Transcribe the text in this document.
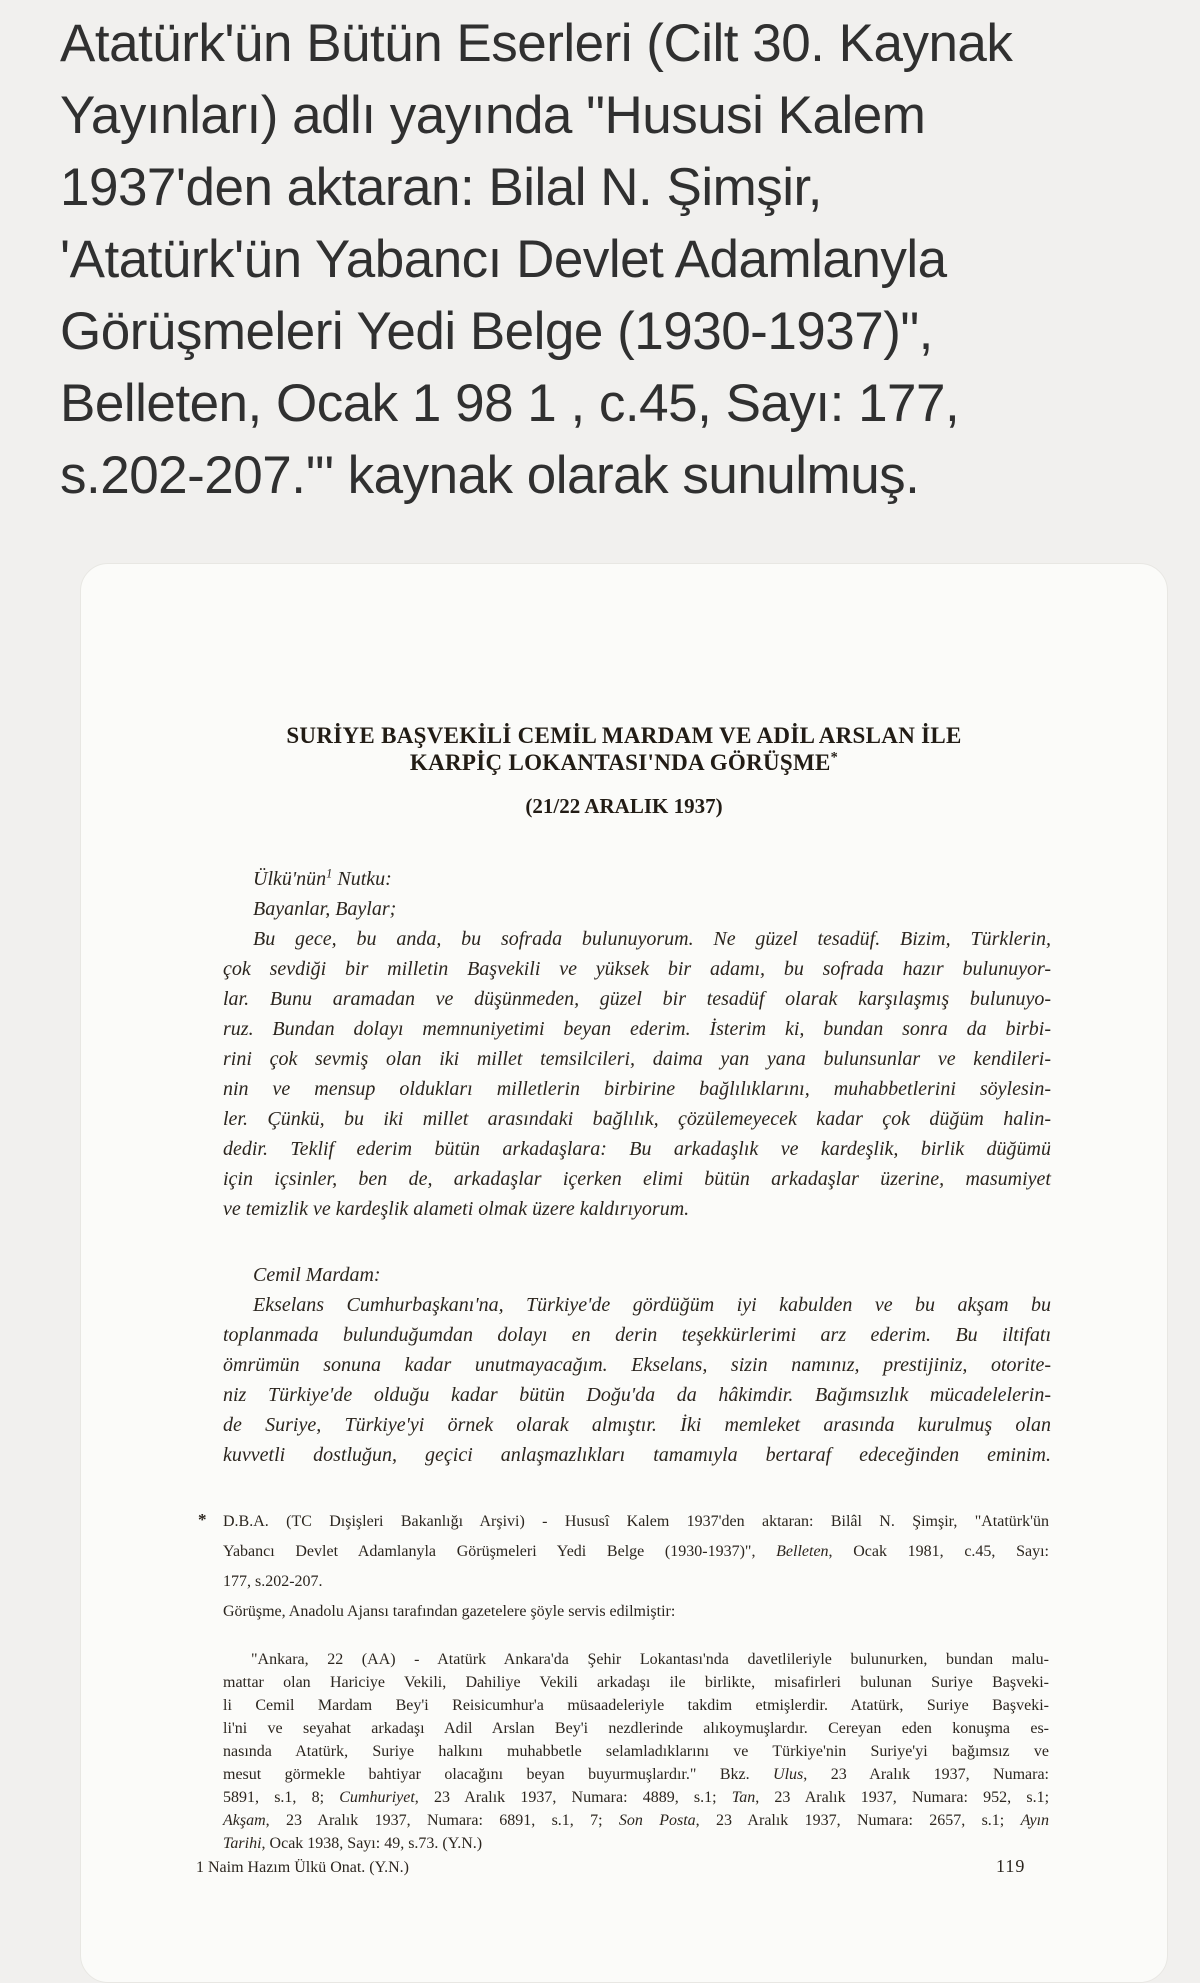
Atatürk'ün Bütün Eserleri (Cilt 30. Kaynak
Yayınları) adlı yayında "Hususi Kalem
1937'den aktaran: Bilal N. Şimşir,
'Atatürk'ün Yabancı Devlet Adamlanyla
Görüşmeleri Yedi Belge (1930-1937)",
Belleten, Ocak 1 98 1 , c.45, Sayı: 177,
s.202-207.'" kaynak olarak sunulmuş.
SURİYE BAŞVEKİLİ CEMİL MARDAM VE ADİL ARSLAN İLE
KARPİÇ LOKANTASI'NDA GÖRÜŞME*
(21/22 ARALIK 1937)
Ülkü'nün$^1$ Nutku:
Bayanlar, Baylar;
Bu gece, bu anda, bu sofrada bulunuyorum. Ne güzel tesadüf. Bizim, Türklerin,
çok sevdiği bir milletin Başvekili ve yüksek bir adamı, bu sofrada hazır bulunuyor-
lar. Bunu aramadan ve düşünmeden, güzel bir tesadüf olarak karşılaşmış bulunuyo-
ruz. Bundan dolayı memnuniyetimi beyan ederim. İsterim ki, bundan sonra da birbi-
rini çok sevmiş olan iki millet temsilcileri, daima yan yana bulunsunlar ve kendileri-
nin ve mensup oldukları milletlerin birbirine bağlılıklarını, muhabbetlerini söylesin-
ler. Çünkü, bu iki millet arasındaki bağlılık, çözülemeyecek kadar çok düğüm halin-
dedir. Teklif ederim bütün arkadaşlara: Bu arkadaşlık ve kardeşlik, birlik düğümü
için içsinler, ben de, arkadaşlar içerken elimi bütün arkadaşlar üzerine, masumiyet
ve temizlik ve kardeşlik alameti olmak üzere kaldırıyorum.
Cemil Mardam:
Ekselans Cumhurbaşkanı'na, Türkiye'de gördüğüm iyi kabulden ve bu akşam bu
toplanmada bulunduğumdan dolayı en derin teşekkürlerimi arz ederim. Bu iltifatı
ömrümün sonuna kadar unutmayacağım. Ekselans, sizin namınız, prestijiniz, otorite-
niz Türkiye'de olduğu kadar bütün Doğu'da da hâkimdir. Bağımsızlık mücadelelerin-
de Suriye, Türkiye'yi örnek olarak almıştır. İki memleket arasında kurulmuş olan
kuvvetli dostluğun, geçici anlaşmazlıkları tamamıyla bertaraf edeceğinden eminim.
* D.B.A. (TC Dışişleri Bakanlığı Arşivi) - Hususî Kalem 1937'den aktaran: Bilâl N. Şimşir, "Atatürk'ün
Yabancı Devlet Adamlanyla Görüşmeleri Yedi Belge (1930-1937)", Belleten, Ocak 1981, c.45, Sayı:
177, s.202-207.
Görüşme, Anadolu Ajansı tarafından gazetelere şöyle servis edilmiştir:
"Ankara, 22 (AA) - Atatürk Ankara'da Şehir Lokantası'nda davetlileriyle bulunurken, bundan malu-
mattar olan Hariciye Vekili, Dahiliye Vekili arkadaşı ile birlikte, misafirleri bulunan Suriye Başveki-
li Cemil Mardam Bey'i Reisicumhur'a müsaadeleriyle takdim etmişlerdir. Atatürk, Suriye Başveki-
li'ni ve seyahat arkadaşı Adil Arslan Bey'i nezdlerinde alıkoymuşlardır. Cereyan eden konuşma es-
nasında Atatürk, Suriye halkını muhabbetle selamladıklarını ve Türkiye'nin Suriye'yi bağımsız ve
mesut görmekle bahtiyar olacağını beyan buyurmuşlardır." Bkz. Ulus, 23 Aralık 1937, Numara:
5891, s.1, 8; Cumhuriyet, 23 Aralık 1937, Numara: 4889, s.1; Tan, 23 Aralık 1937, Numara: 952, s.1;
Akşam, 23 Aralık 1937, Numara: 6891, s.1, 7; Son Posta, 23 Aralık 1937, Numara: 2657, s.1; Ayın
Tarihi, Ocak 1938, Sayı: 49, s.73. (Y.N.)
1 Naim Hazım Ülkü Onat. (Y.N.)	119
